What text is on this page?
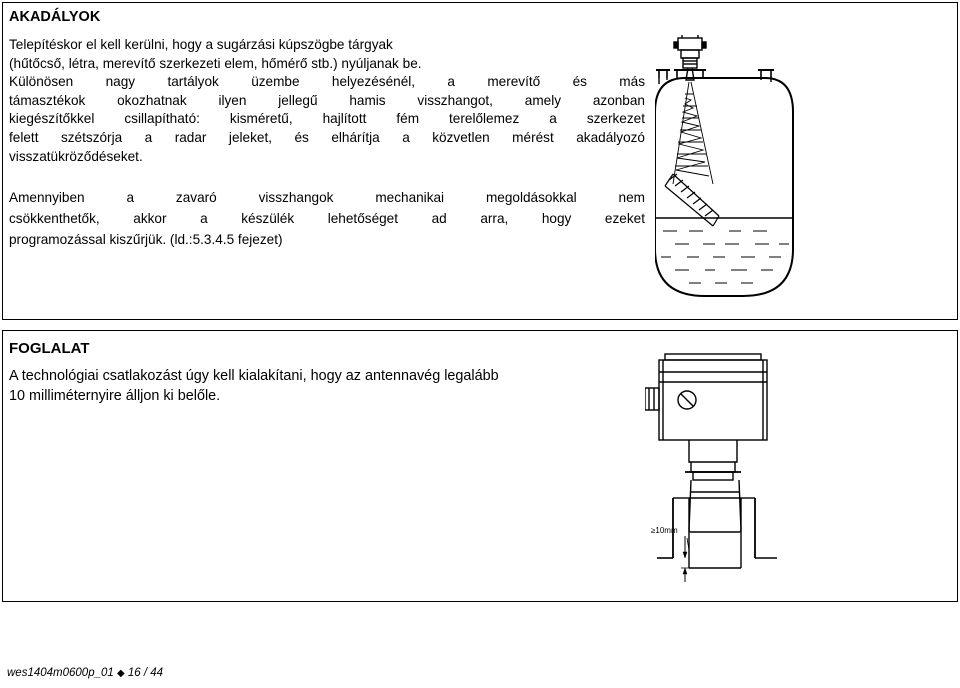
AKADÁLYOK
Telepítéskor el kell kerülni, hogy a sugárzási kúpszögbe tárgyak
(hűtőcső, létra, merevítő szerkezeti elem, hőmérő stb.) nyúljanak be.
Különösen nagy tartályok üzembe helyezésénél, a merevítő és más
támasztékok okozhatnak ilyen jellegű hamis visszhangot, amely azonban
kiegészítőkkel csillapítható: kisméretű, hajlított fém terelőlemez a szerkezet
felett szétszórja a radar jeleket, és elhárítja a közvetlen mérést akadályozó
visszatükröződéseket.
Amennyiben a zavaró visszhangok mechanikai megoldásokkal nem
csökkenthetők, akkor a készülék lehetőséget ad arra, hogy ezeket
programozással kiszűrjük. (ld.:5.3.4.5 fejezet)
FOGLALAT
A technológiai csatlakozást úgy kell kialakítani, hogy az antennavég legalább
10 milliméternyire álljon ki belőle.
≥10mm
wes1404m0600p_01 ◆ 16 / 44
